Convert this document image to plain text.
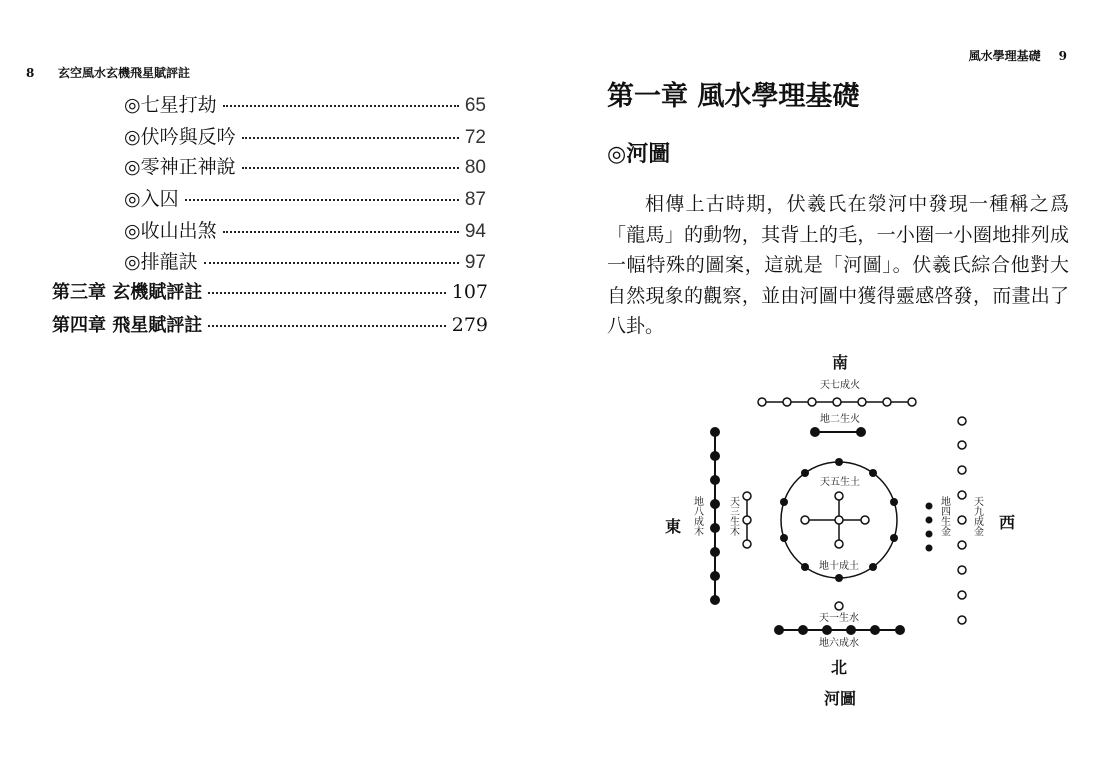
8 玄空風水玄機飛星賦評註
◎七星打劫	65
◎伏吟與反吟	72
◎零神正神說	80
◎入囚	87
◎收山出煞	94
◎排龍訣	97
第三章 玄機賦評註	107
第四章 飛星賦評註	279
風水學理基礎 9
第一章 風水學理基礎
◎河圖
相傳上古時期，伏羲氏在滎河中發現一種稱之爲「龍馬」的動物，其背上的毛，一小圈一小圈地排列成一幅特殊的圖案，這就是「河圖」。伏羲氏綜合他對大自然現象的觀察，並由河圖中獲得靈感啓發，而畫出了八卦。
南
天七成火
地二生火
天五生土
地十成土
天一生水
地六成水
北
東	西
地八成木	天三生木	地四生金 天九成金
河圖
